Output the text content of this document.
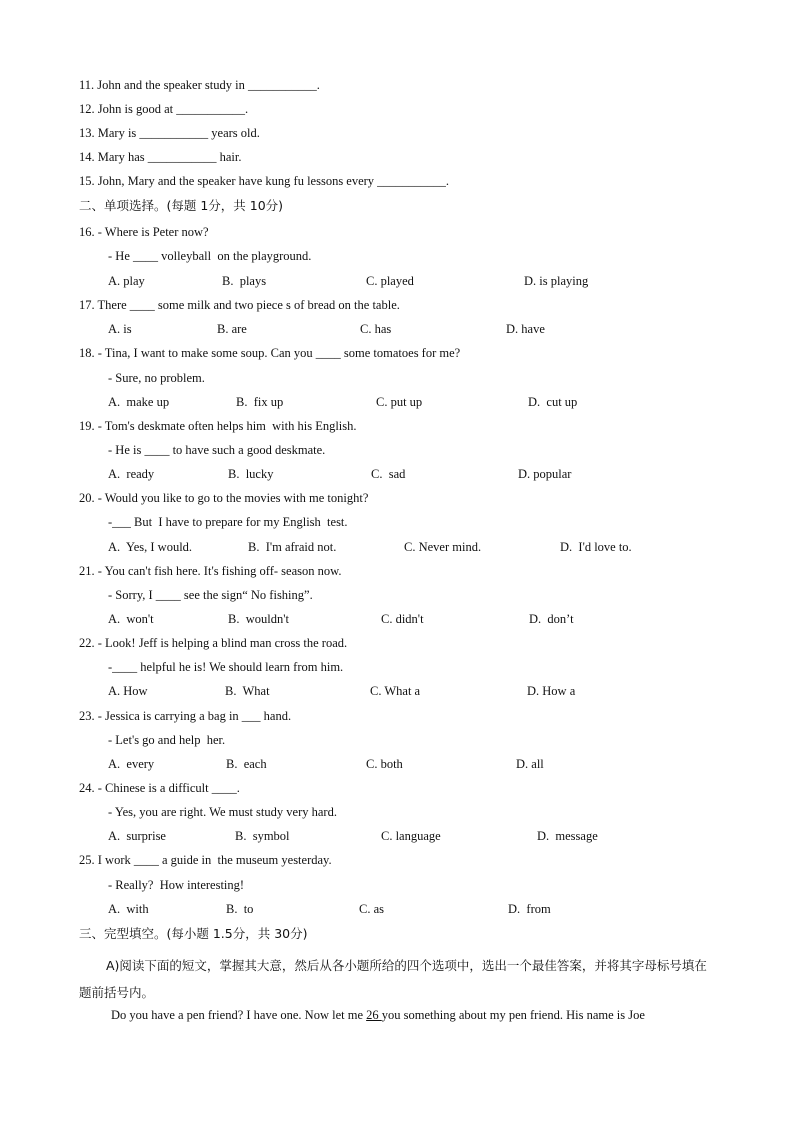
11. John and the speaker study in ___________.
12. John is good at ___________.
13. Mary is ___________ years old.
14. Mary has ___________ hair.
15. John, Mary and the speaker have kung fu lessons every ___________.
二、单项选择。(每题 1分，共 10分)
16. - Where is Peter now?
- He ____ volleyball  on the playground.
A. play	B.  plays	C. played	D. is playing
17. There ____ some milk and two piece s of bread on the table.
A. is	B. are	C. has	D. have
18. - Tina, I want to make some soup. Can you ____ some tomatoes for me?
- Sure, no problem.
A.  make up	B.  fix up	C. put up	D.  cut up
19. - Tom's deskmate often helps him  with his English.
- He is ____ to have such a good deskmate.
A.  ready	B.  lucky	C.  sad	D. popular
20. - Would you like to go to the movies with me tonight?
-___ But  I have to prepare for my English  test.
A.  Yes, I would.	B.  I'm afraid not.	C. Never mind.	D.  I'd love to.
21. - You can't fish here. It's fishing off- season now.
- Sorry, I ____ see the sign“ No fishing”.
A.  won't	B.  wouldn't	C. didn't	D.  don’t
22. - Look! Jeff is helping a blind man cross the road.
-____ helpful he is! We should learn from him.
A. How	B.  What	C. What a	D. How a
23. - Jessica is carrying a bag in ___ hand.
- Let's go and help  her.
A.  every	B.  each	C. both	D. all
24. - Chinese is a difficult ____.
- Yes, you are right. We must study very hard.
A.  surprise	B.  symbol	C. language	D.  message
25. I work ____ a guide in  the museum yesterday.
- Really?  How interesting!
A.  with	B.  to	C. as	D.  from
三、完型填空。(每小题 1.5分，共 30分)
A)阅读下面的短文，掌握其大意，然后从各小题所给的四个选项中，选出一个最佳答案，并将其字母标号填在题前括号内。
Do you have a pen friend? I have one. Now let me 26 you something about my pen friend. His name is Joe
